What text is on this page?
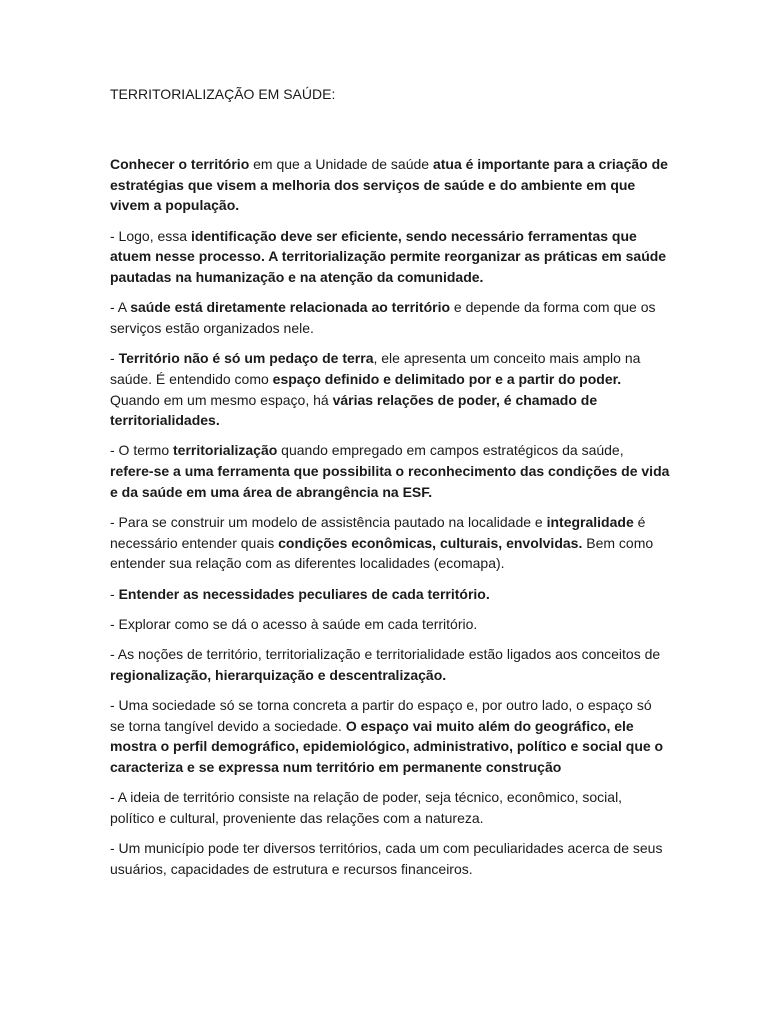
TERRITORIALIZAÇÃO EM SAÚDE:

Conhecer o território em que a Unidade de saúde atua é importante para a criação de estratégias que visem a melhoria dos serviços de saúde e do ambiente em que vivem a população.

- Logo, essa identificação deve ser eficiente, sendo necessário ferramentas que atuem nesse processo. A territorialização permite reorganizar as práticas em saúde pautadas na humanização e na atenção da comunidade.

- A saúde está diretamente relacionada ao território e depende da forma com que os serviços estão organizados nele.

- Território não é só um pedaço de terra, ele apresenta um conceito mais amplo na saúde. É entendido como espaço definido e delimitado por e a partir do poder. Quando em um mesmo espaço, há várias relações de poder, é chamado de territorialidades.

- O termo territorialização quando empregado em campos estratégicos da saúde, refere-se a uma ferramenta que possibilita o reconhecimento das condições de vida e da saúde em uma área de abrangência na ESF.

- Para se construir um modelo de assistência pautado na localidade e integralidade é necessário entender quais condições econômicas, culturais, envolvidas. Bem como entender sua relação com as diferentes localidades (ecomapa).

- Entender as necessidades peculiares de cada território.

- Explorar como se dá o acesso à saúde em cada território.

- As noções de território, territorialização e territorialidade estão ligados aos conceitos de regionalização, hierarquização e descentralização.

- Uma sociedade só se torna concreta a partir do espaço e, por outro lado, o espaço só se torna tangível devido a sociedade. O espaço vai muito além do geográfico, ele mostra o perfil demográfico, epidemiológico, administrativo, político e social que o caracteriza e se expressa num território em permanente construção

- A ideia de território consiste na relação de poder, seja técnico, econômico, social, político e cultural, proveniente das relações com a natureza.

- Um município pode ter diversos territórios, cada um com peculiaridades acerca de seus usuários, capacidades de estrutura e recursos financeiros.
